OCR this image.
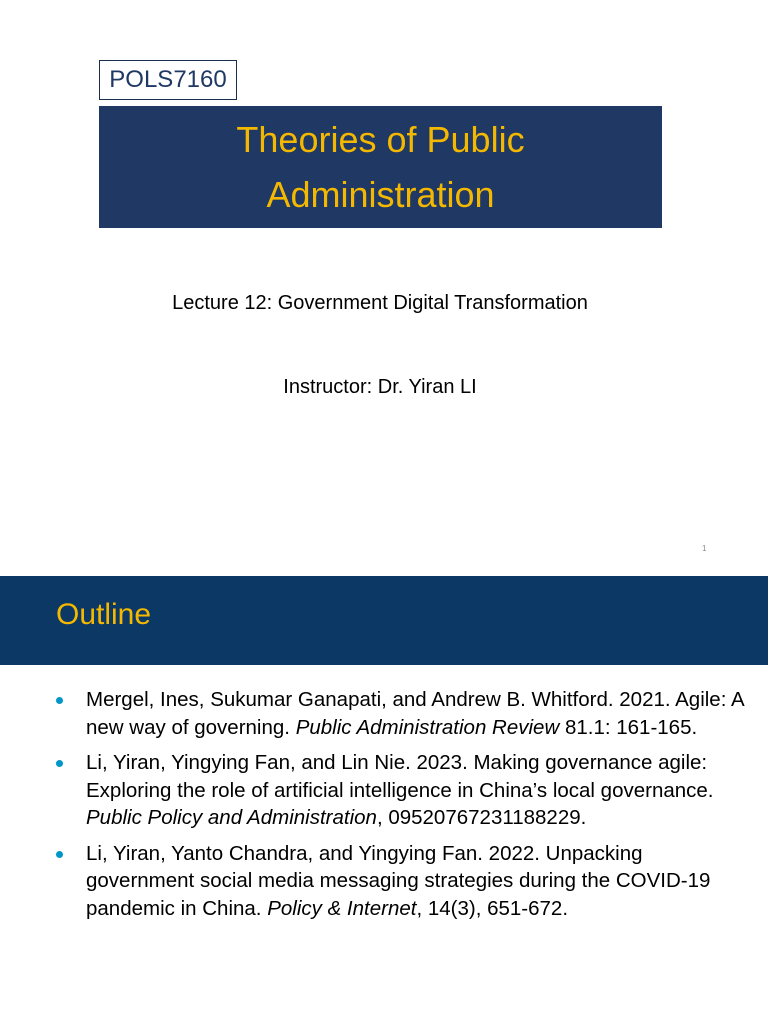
POLS7160
Theories of Public
Administration
Lecture 12: Government Digital Transformation
Instructor: Dr. Yiran LI
1
Outline
Mergel, Ines, Sukumar Ganapati, and Andrew B. Whitford. 2021. Agile: A new way of governing. Public Administration Review 81.1: 161-165.
Li, Yiran, Yingying Fan, and Lin Nie. 2023. Making governance agile: Exploring the role of artificial intelligence in China’s local governance. Public Policy and Administration, 09520767231188229.
Li, Yiran, Yanto Chandra, and Yingying Fan. 2022. Unpacking government social media messaging strategies during the COVID-19 pandemic in China. Policy & Internet, 14(3), 651-672.
